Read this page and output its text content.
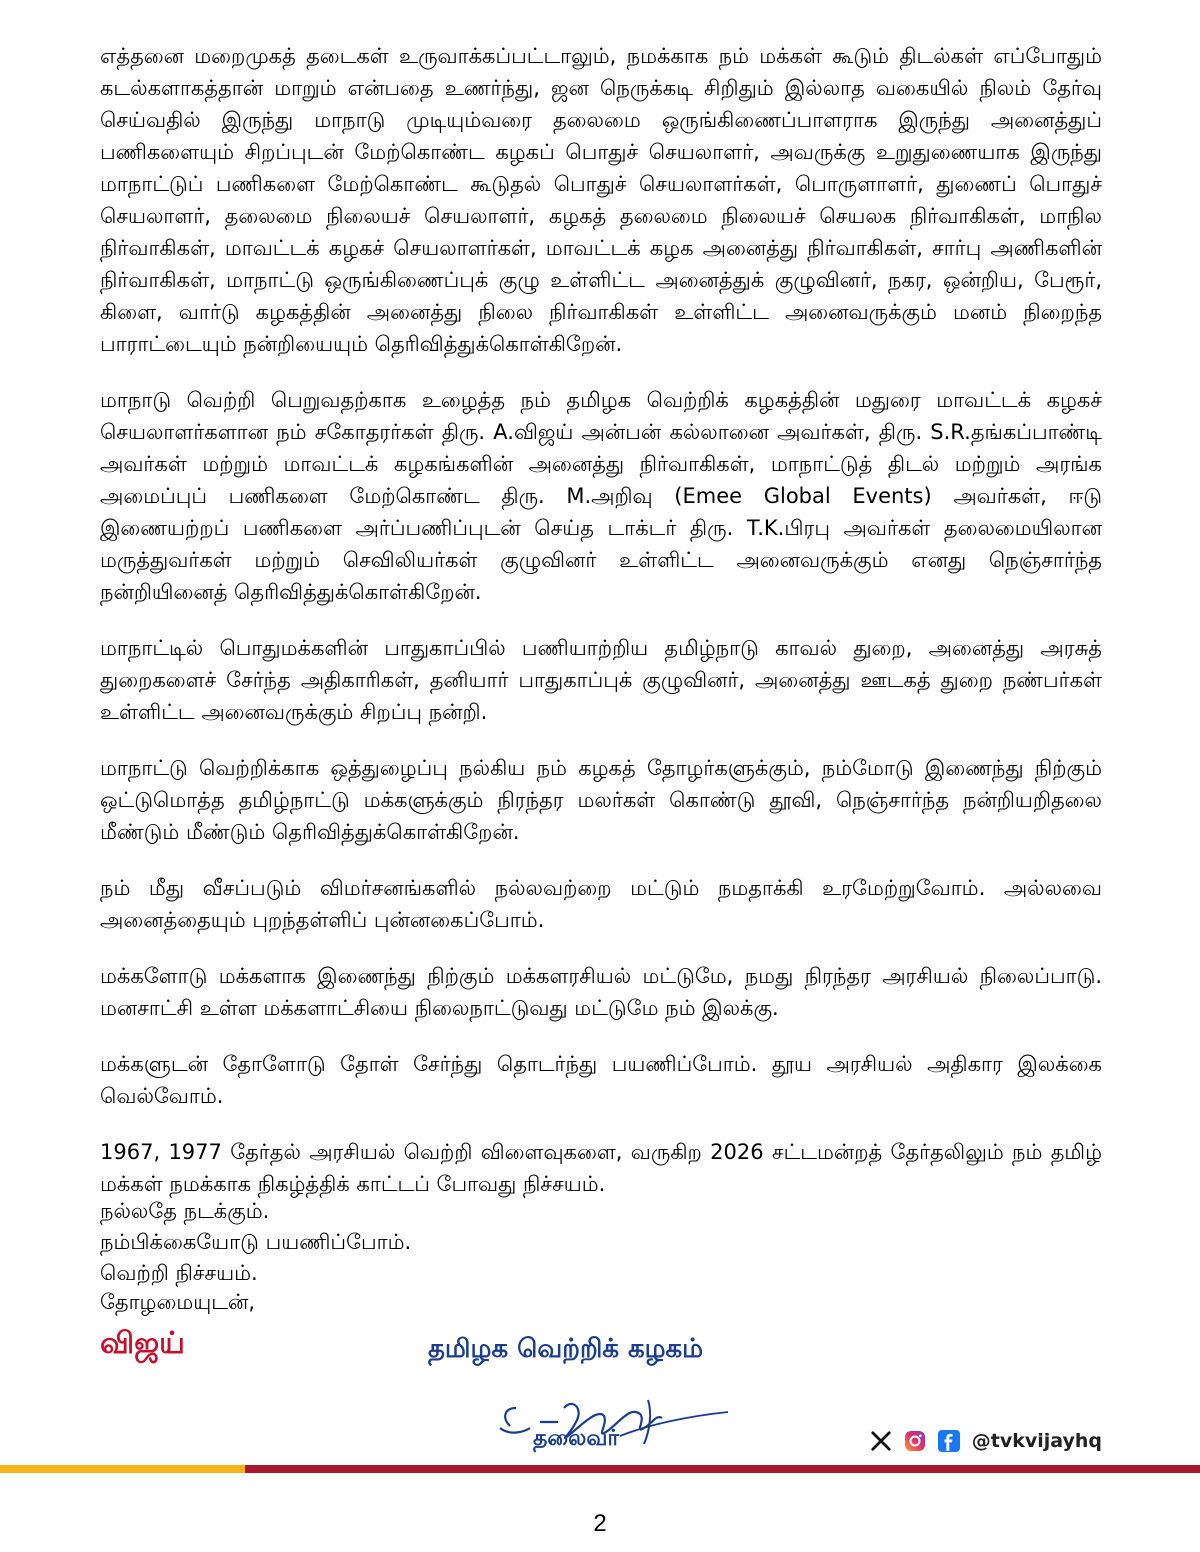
எத்தனை மறைமுகத் தடைகள் உருவாக்கப்பட்டாலும், நமக்காக நம் மக்கள் கூடும் திடல்கள் எப்போதும் கடல்களாகத்தான் மாறும் என்பதை உணர்ந்து, ஜன நெருக்கடி சிறிதும் இல்லாத வகையில் நிலம் தேர்வு செய்வதில் இருந்து மாநாடு முடியும்வரை தலைமை ஒருங்கிணைப்பாளராக இருந்து அனைத்துப் பணிகளையும் சிறப்புடன் மேற்கொண்ட கழகப் பொதுச் செயலாளர், அவருக்கு உறுதுணையாக இருந்து மாநாட்டுப் பணிகளை மேற்கொண்ட கூடுதல் பொதுச் செயலாளர்கள், பொருளாளர், துணைப் பொதுச் செயலாளர், தலைமை நிலையச் செயலாளர், கழகத் தலைமை நிலையச் செயலக நிர்வாகிகள், மாநில நிர்வாகிகள், மாவட்டக் கழகச் செயலாளர்கள், மாவட்டக் கழக அனைத்து நிர்வாகிகள், சார்பு அணிகளின் நிர்வாகிகள், மாநாட்டு ஒருங்கிணைப்புக் குழு உள்ளிட்ட அனைத்துக் குழுவினர், நகர, ஒன்றிய, பேரூர், கிளை, வார்டு கழகத்தின் அனைத்து நிலை நிர்வாகிகள் உள்ளிட்ட அனைவருக்கும் மனம் நிறைந்த பாராட்டையும் நன்றியையும் தெரிவித்துக்கொள்கிறேன்.

மாநாடு வெற்றி பெறுவதற்காக உழைத்த நம் தமிழக வெற்றிக் கழகத்தின் மதுரை மாவட்டக் கழகச் செயலாளர்களான நம் சகோதரர்கள் திரு. A.விஜய் அன்பன் கல்லானை அவர்கள், திரு. S.R.தங்கப்பாண்டி அவர்கள் மற்றும் மாவட்டக் கழகங்களின் அனைத்து நிர்வாகிகள், மாநாட்டுத் திடல் மற்றும் அரங்க அமைப்புப் பணிகளை மேற்கொண்ட திரு. M.அறிவு (Emee Global Events) அவர்கள், ஈடு இணையற்றப் பணிகளை அர்ப்பணிப்புடன் செய்த டாக்டர் திரு. T.K.பிரபு அவர்கள் தலைமையிலான மருத்துவர்கள் மற்றும் செவிலியர்கள் குழுவினர் உள்ளிட்ட அனைவருக்கும் எனது நெஞ்சார்ந்த நன்றியினைத் தெரிவித்துக்கொள்கிறேன்.

மாநாட்டில் பொதுமக்களின் பாதுகாப்பில் பணியாற்றிய தமிழ்நாடு காவல் துறை, அனைத்து அரசுத் துறைகளைச் சேர்ந்த அதிகாரிகள், தனியார் பாதுகாப்புக் குழுவினர், அனைத்து ஊடகத் துறை நண்பர்கள் உள்ளிட்ட அனைவருக்கும் சிறப்பு நன்றி.

மாநாட்டு வெற்றிக்காக ஒத்துழைப்பு நல்கிய நம் கழகத் தோழர்களுக்கும், நம்மோடு இணைந்து நிற்கும் ஒட்டுமொத்த தமிழ்நாட்டு மக்களுக்கும் நிரந்தர மலர்கள் கொண்டு தூவி, நெஞ்சார்ந்த நன்றியறிதலை மீண்டும் மீண்டும் தெரிவித்துக்கொள்கிறேன்.

நம் மீது வீசப்படும் விமர்சனங்களில் நல்லவற்றை மட்டும் நமதாக்கி உரமேற்றுவோம். அல்லவை அனைத்தையும் புறந்தள்ளிப் புன்னகைப்போம்.

மக்களோடு மக்களாக இணைந்து நிற்கும் மக்களரசியல் மட்டுமே, நமது நிரந்தர அரசியல் நிலைப்பாடு. மனசாட்சி உள்ள மக்களாட்சியை நிலைநாட்டுவது மட்டுமே நம் இலக்கு.

மக்களுடன் தோளோடு தோள் சேர்ந்து தொடர்ந்து பயணிப்போம். தூய அரசியல் அதிகார இலக்கை வெல்வோம்.

1967, 1977 தேர்தல் அரசியல் வெற்றி விளைவுகளை, வருகிற 2026 சட்டமன்றத் தேர்தலிலும் நம் தமிழ் மக்கள் நமக்காக நிகழ்த்திக் காட்டப் போவது நிச்சயம்.

நல்லதே நடக்கும்.
நம்பிக்கையோடு பயணிப்போம்.
வெற்றி நிச்சயம்.
தோழமையுடன்,
விஜய்	தமிழக வெற்றிக் கழகம்
தலைவர்	@tvkvijayhq
2
